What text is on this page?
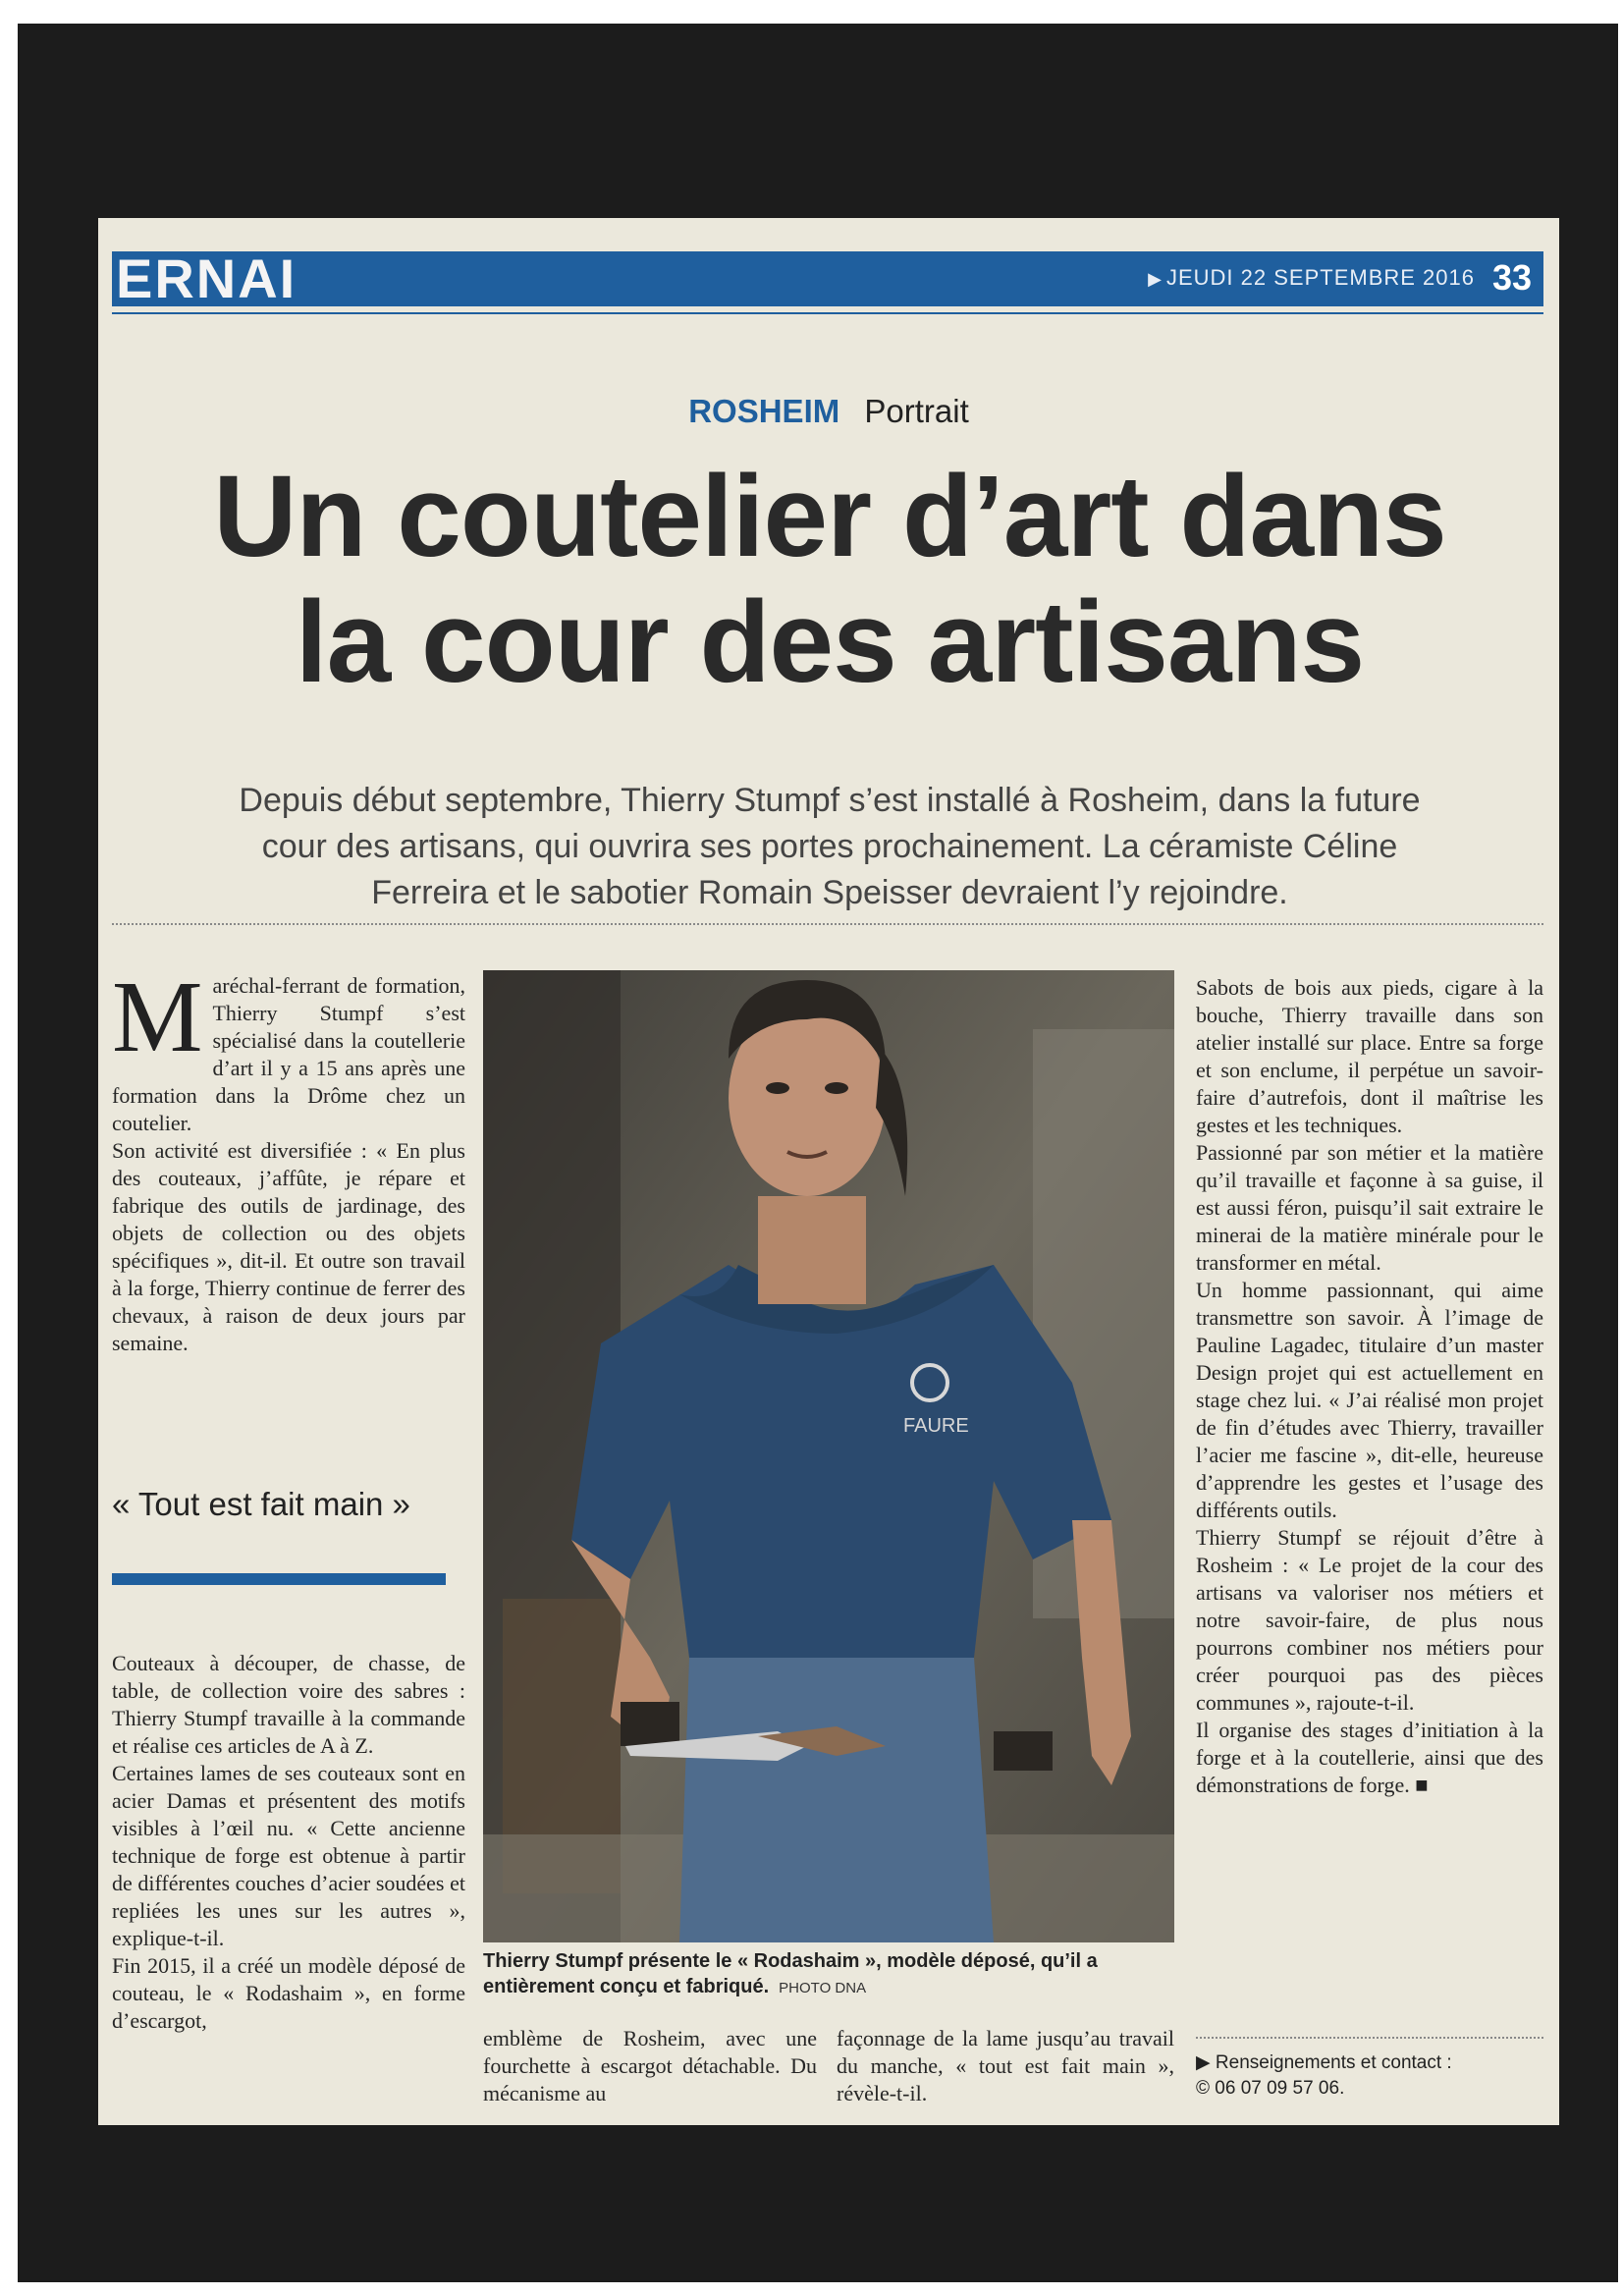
ERNAI	▶ JEUDI 22 SEPTEMBRE 2016 33
ROSHEIM Portrait
Un coutelier d’art dans
la cour des artisans
Depuis début septembre, Thierry Stumpf s’est installé à Rosheim, dans la future
cour des artisans, qui ouvrira ses portes prochainement. La céramiste Céline
Ferreira et le sabotier Romain Speisser devraient l’y rejoindre.
M aréchal-ferrant de formation, Thierry Stumpf s’est spécialisé dans la coutellerie d’art il y a 15 ans après une formation dans la Drôme chez un coutelier.

Son activité est diversifiée : « En plus des couteaux, j’affûte, je répare et fabrique des outils de jardinage, des objets de collection ou des objets spécifiques », dit-il. Et outre son travail à la forge, Thierry continue de ferrer des chevaux, à raison de deux jours par semaine.

« Tout est fait main »

Couteaux à découper, de chasse, de table, de collection voire des sabres : Thierry Stumpf travaille à la commande et réalise ces articles de A à Z.

Certaines lames de ses couteaux sont en acier Damas et présentent des motifs visibles à l’œil nu. « Cette ancienne technique de forge est obtenue à partir de différentes couches d’acier soudées et repliées les unes sur les autres », explique-t-il.

Fin 2015, il a créé un modèle déposé de couteau, le « Rodashaim », en forme d’escargot,

FAURE
Thierry Stumpf présente le « Rodashaim », modèle déposé, qu’il a entièrement conçu et fabriqué. PHOTO DNA

emblème de Rosheim, avec une fourchette à escargot détachable. Du mécanisme au

façonnage de la lame jusqu’au travail du manche, « tout est fait main », révèle-t-il.

Sabots de bois aux pieds, cigare à la bouche, Thierry travaille dans son atelier installé sur place. Entre sa forge et son enclume, il perpétue un savoir-faire d’autrefois, dont il maîtrise les gestes et les techniques.

Passionné par son métier et la matière qu’il travaille et façonne à sa guise, il est aussi féron, puisqu’il sait extraire le minerai de la matière minérale pour le transformer en métal.

Un homme passionnant, qui aime transmettre son savoir. À l’image de Pauline Lagadec, titulaire d’un master Design projet qui est actuellement en stage chez lui. « J’ai réalisé mon projet de fin d’études avec Thierry, travailler l’acier me fascine », dit-elle, heureuse d’apprendre les gestes et l’usage des différents outils.

Thierry Stumpf se réjouit d’être à Rosheim : « Le projet de la cour des artisans va valoriser nos métiers et notre savoir-faire, de plus nous pourrons combiner nos métiers pour créer pourquoi pas des pièces communes », rajoute-t-il.

Il organise des stages d’initiation à la forge et à la coutellerie, ainsi que des démonstrations de forge. ■

▶ Renseignements et contact :
© 06 07 09 57 06.
